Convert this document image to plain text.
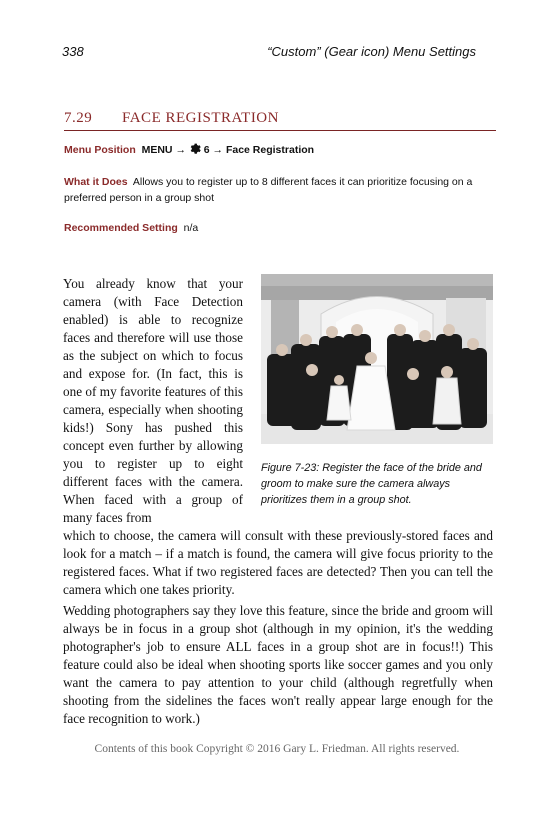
338	“Custom” (Gear icon) Menu Settings
7.29 FACE REGISTRATION
Menu Position MENU → 6 → Face Registration
What it Does Allows you to register up to 8 different faces it can prioritize focusing on a preferred person in a group shot
Recommended Setting n/a
You already know that your camera (with Face Detection enabled) is able to recognize faces and therefore will use those as the subject on which to focus and expose for. (In fact, this is one of my favorite features of this camera, especially when shooting kids!) Sony has pushed this concept even further by allowing you to register up to eight different faces with the camera. When faced with a group of many faces from
Figure 7-23: Register the face of the bride and groom to make sure the camera always prioritizes them in a group shot.
which to choose, the camera will consult with these previously-stored faces and look for a match – if a match is found, the camera will give focus priority to the registered faces. What if two registered faces are detected? Then you can tell the camera which one takes priority.
Wedding photographers say they love this feature, since the bride and groom will always be in focus in a group shot (although in my opinion, it's the wedding photographer's job to ensure ALL faces in a group shot are in focus!!) This feature could also be ideal when shooting sports like soccer games and you only want the camera to pay attention to your child (although regretfully when shooting from the sidelines the faces won't really appear large enough for the face recognition to work.)
Contents of this book Copyright © 2016 Gary L. Friedman. All rights reserved.
